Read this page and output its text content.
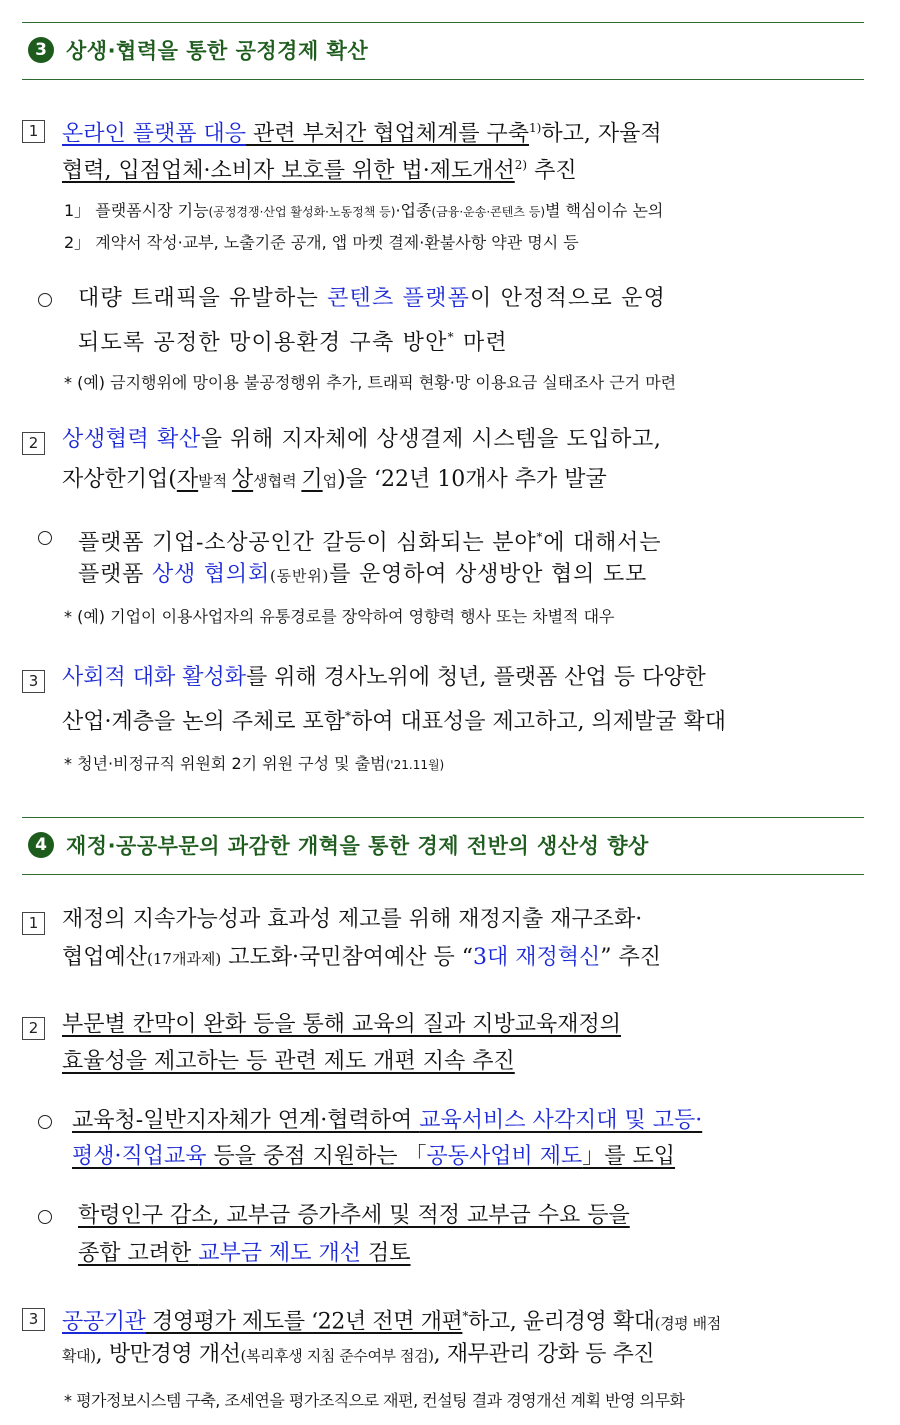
3 상생·협력을 통한 공정경제 확산
1	온라인 플랫폼 대응 관련 부처간 협업체계를 구축$^{1)}$하고, 자율적
협력, 입점업체·소비자 보호를 위한 법·제도개선$^{2)}$ 추진
1」 플랫폼시장 기능(공정경쟁·산업 활성화·노동정책 등)·업종(금융·운송·콘텐츠 등)별 핵심이슈 논의
2」 계약서 작성·교부, 노출기준 공개, 앱 마켓 결제·환불사항 약관 명시 등
대량 트래픽을 유발하는 콘텐츠 플랫폼이 안정적으로 운영
되도록 공정한 망이용환경 구축 방안* 마련
* (예) 금지행위에 망이용 불공정행위 추가, 트래픽 현황·망 이용요금 실태조사 근거 마련
2	상생협력 확산을 위해 지자체에 상생결제 시스템을 도입하고,
자상한기업(자발적 상생협력 기업)을 ‘22년 10개사 추가 발굴
플랫폼 기업-소상공인간 갈등이 심화되는 분야*에 대해서는
플랫폼 상생 협의회(동반위)를 운영하여 상생방안 협의 도모
* (예) 기업이 이용사업자의 유통경로를 장악하여 영향력 행사 또는 차별적 대우
3	사회적 대화 활성화를 위해 경사노위에 청년, 플랫폼 산업 등 다양한
산업·계층을 논의 주체로 포함*하여 대표성을 제고하고, 의제발굴 확대
* 청년·비정규직 위원회 2기 위원 구성 및 출범('21.11월)
4 재정·공공부문의 과감한 개혁을 통한 경제 전반의 생산성 향상
1	재정의 지속가능성과 효과성 제고를 위해 재정지출 재구조화·
협업예산(17개과제) 고도화·국민참여예산 등 “3대 재정혁신” 추진
2	부문별 칸막이 완화 등을 통해 교육의 질과 지방교육재정의
효율성을 제고하는 등 관련 제도 개편 지속 추진
교육청-일반지자체가 연계·협력하여 교육서비스 사각지대 및 고등·
평생·직업교육 등을 중점 지원하는 「공동사업비 제도」를 도입
학령인구 감소, 교부금 증가추세 및 적정 교부금 수요 등을
종합 고려한 교부금 제도 개선 검토
3	공공기관 경영평가 제도를 ‘22년 전면 개편*하고, 윤리경영 확대(경평 배점
확대), 방만경영 개선(복리후생 지침 준수여부 점검), 재무관리 강화 등 추진
* 평가정보시스템 구축, 조세연을 평가조직으로 재편, 컨설팅 결과 경영개선 계획 반영 의무화
